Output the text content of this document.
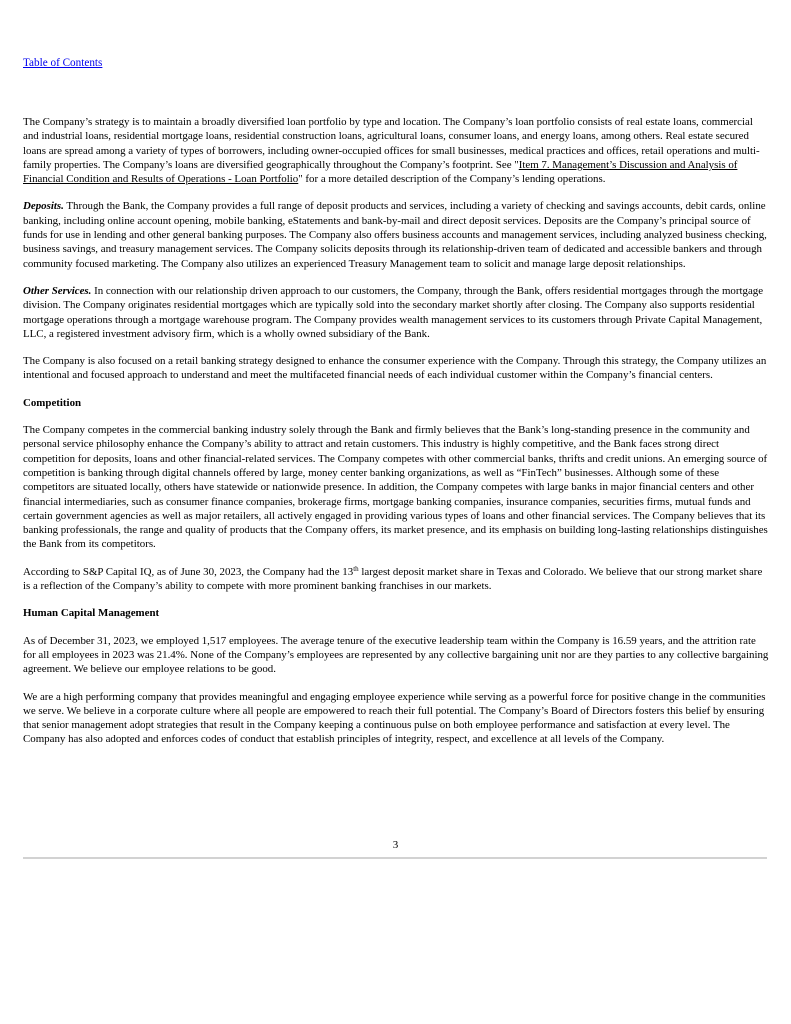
Table of Contents

The Company’s strategy is to maintain a broadly diversified loan portfolio by type and location. The Company’s loan portfolio consists of real estate loans, commercial and industrial loans, residential mortgage loans, residential construction loans, agricultural loans, consumer loans, and energy loans, among others. Real estate secured loans are spread among a variety of types of borrowers, including owner-occupied offices for small businesses, medical practices and offices, retail operations and multi-family properties. The Company’s loans are diversified geographically throughout the Company’s footprint. See "Item 7. Management’s Discussion and Analysis of Financial Condition and Results of Operations - Loan Portfolio" for a more detailed description of the Company’s lending operations.

Deposits. Through the Bank, the Company provides a full range of deposit products and services, including a variety of checking and savings accounts, debit cards, online banking, including online account opening, mobile banking, eStatements and bank-by-mail and direct deposit services. Deposits are the Company’s principal source of funds for use in lending and other general banking purposes. The Company also offers business accounts and management services, including analyzed business checking, business savings, and treasury management services. The Company solicits deposits through its relationship-driven team of dedicated and accessible bankers and through community focused marketing. The Company also utilizes an experienced Treasury Management team to solicit and manage large deposit relationships.

Other Services. In connection with our relationship driven approach to our customers, the Company, through the Bank, offers residential mortgages through the mortgage division. The Company originates residential mortgages which are typically sold into the secondary market shortly after closing. The Company also supports residential mortgage operations through a mortgage warehouse program. The Company provides wealth management services to its customers through Private Capital Management, LLC, a registered investment advisory firm, which is a wholly owned subsidiary of the Bank.

The Company is also focused on a retail banking strategy designed to enhance the consumer experience with the Company. Through this strategy, the Company utilizes an intentional and focused approach to understand and meet the multifaceted financial needs of each individual customer within the Company’s financial centers.

Competition

The Company competes in the commercial banking industry solely through the Bank and firmly believes that the Bank’s long-standing presence in the community and personal service philosophy enhance the Company’s ability to attract and retain customers. This industry is highly competitive, and the Bank faces strong direct competition for deposits, loans and other financial-related services. The Company competes with other commercial banks, thrifts and credit unions. An emerging source of competition is banking through digital channels offered by large, money center banking organizations, as well as “FinTech” businesses. Although some of these competitors are situated locally, others have statewide or nationwide presence. In addition, the Company competes with large banks in major financial centers and other financial intermediaries, such as consumer finance companies, brokerage firms, mortgage banking companies, insurance companies, securities firms, mutual funds and certain government agencies as well as major retailers, all actively engaged in providing various types of loans and other financial services. The Company believes that its banking professionals, the range and quality of products that the Company offers, its market presence, and its emphasis on building long-lasting relationships distinguishes the Bank from its competitors.

According to S&P Capital IQ, as of June 30, 2023, the Company had the 13th largest deposit market share in Texas and Colorado. We believe that our strong market share is a reflection of the Company’s ability to compete with more prominent banking franchises in our markets.

Human Capital Management

As of December 31, 2023, we employed 1,517 employees. The average tenure of the executive leadership team within the Company is 16.59 years, and the attrition rate for all employees in 2023 was 21.4%. None of the Company’s employees are represented by any collective bargaining unit nor are they parties to any collective bargaining agreement. We believe our employee relations to be good.

We are a high performing company that provides meaningful and engaging employee experience while serving as a powerful force for positive change in the communities we serve. We believe in a corporate culture where all people are empowered to reach their full potential. The Company’s Board of Directors fosters this belief by ensuring that senior management adopt strategies that result in the Company keeping a continuous pulse on both employee performance and satisfaction at every level. The Company has also adopted and enforces codes of conduct that establish principles of integrity, respect, and excellence at all levels of the Company.

3
